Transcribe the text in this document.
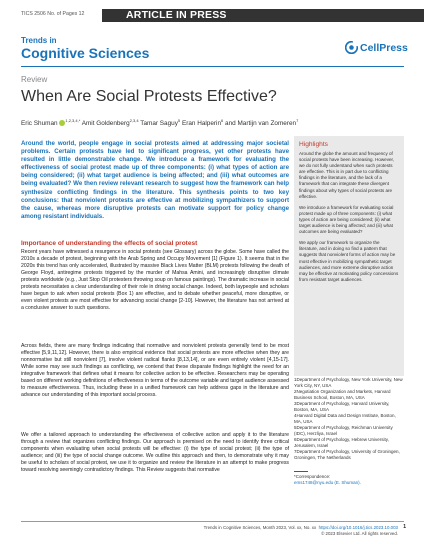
TICS 2506 No. of Pages 12	ARTICLE IN PRESS
Trends in
Cognitive Sciences	CellPress
Review
When Are Social Protests Effective?
Eric Shuman $^{1,2,3,4,*}$ Amit Goldenberg$^{2,3,4}$ Tamar Saguy$^5$ Eran Halperin$^6$ and Martijn van Zomeren$^7$

Around the world, people engage in social protests aimed at addressing major societal problems. Certain protests have led to significant progress, yet other protests have resulted in little demonstrable change. We introduce a framework for evaluating the effectiveness of social protest made up of three components: (i) what types of action are being considered; (ii) what target audience is being affected; and (iii) what outcomes are being evaluated? We then review relevant research to suggest how the framework can help synthesize conflicting findings in the literature. This synthesis points to two key conclusions: that nonviolent protests are effective at mobilizing sympathizers to support the cause, whereas more disruptive protests can motivate support for policy change among resistant individuals.

Highlights

Around the globe the amount and frequency of social protests have been increasing. However, we do not fully understand when such protests are effective. This is in part due to conflicting findings in the literature, and the lack of a framework that can integrate these divergent findings about why types of social protests are effective.

We introduce a framework for evaluating social protest made up of three components: (i) what types of action are being considered; (ii) what target audience is being affected; and (iii) what outcomes are being evaluated?

We apply our framework to organize the literature, and in doing so find a pattern that suggests that nonviolent forms of action may be most effective in mobilizing sympathetic target audiences, and more extreme disruptive action may be effective at motivating policy concessions from resistant target audiences.

Importance of understanding the effects of social protest

Recent years have witnessed a resurgence in social protests (see Glossary) across the globe. Some have called the 2010s a decade of protest, beginning with the Arab Spring and Occupy Movement [1] (Figure 1). It seems that in the 2020s this trend has only accelerated, illustrated by massive Black Lives Matter (BLM) protests following the death of George Floyd, antiregime protests triggered by the murder of Mahsa Amini, and increasingly disruptive climate protests worldwide (e.g., Just Stop Oil protesters throwing soup on famous paintings). The dramatic increase in social protests necessitates a clear understanding of their role in driving social change. Indeed, both laypeople and scholars have begun to ask when social protests (Box 1) are effective, and to debate whether peaceful, more disruptive, or even violent protests are most effective for advancing social change [2-10]. However, the literature has not arrived at a conclusive answer to such questions.

Across fields, there are many findings indicating that normative and nonviolent protests generally tend to be most effective [5,9,11,12]. However, there is also empirical evidence that social protests are more effective when they are nonnormative but still nonviolent [7], involve violent radical flanks [8,13,14], or are even entirely violent [4,15-17]. While some may see such findings as conflicting, we contend that these disparate findings highlight the need for an integrative framework that defines what it means for collective action to be effective. Researchers may be operating based on different working definitions of effectiveness in terms of the outcome variable and target audience assessed to measure effectiveness. Thus, including these in a unified framework can help address gaps in the literature and advance our understanding of this important social process.

We offer a tailored approach to understanding the effectiveness of collective action and apply it to the literature through a review that organizes conflicting findings. Our approach is premised on the need to identify three critical components when evaluating when social protests will be effective: (i) the type of social protest; (ii) the type of audience; and (iii) the type of social change outcome. We outline this approach and then, to demonstrate why it may be useful to scholars of social protest, we use it to organize and review the literature in an attempt to make progress toward resolving seemingly contradictory findings. This Review suggests that normative

1Department of Psychology, New York University, New York City, NY, USA
2Negotiation Organization and Markets, Harvard Business School, Boston, MA, USA
3Department of Psychology, Harvard University, Boston, MA, USA
4Harvard Digital Data and Design Institute, Boston, MA, USA
5Department of Psychology, Reichman University (IDC), Herzliya, Israel
6Department of Psychology, Hebrew University, Jerusalem, Israel
7Department of Psychology, University of Groningen, Groningen, The Netherlands
*Correspondence:
ems1748@nyu.edu (E. Shuman).
Trends in Cognitive Sciences, Month 2023, Vol. xx, No. xx https://doi.org/10.1016/j.tics.2023.10.003
© 2023 Elsevier Ltd. All rights reserved.
1
